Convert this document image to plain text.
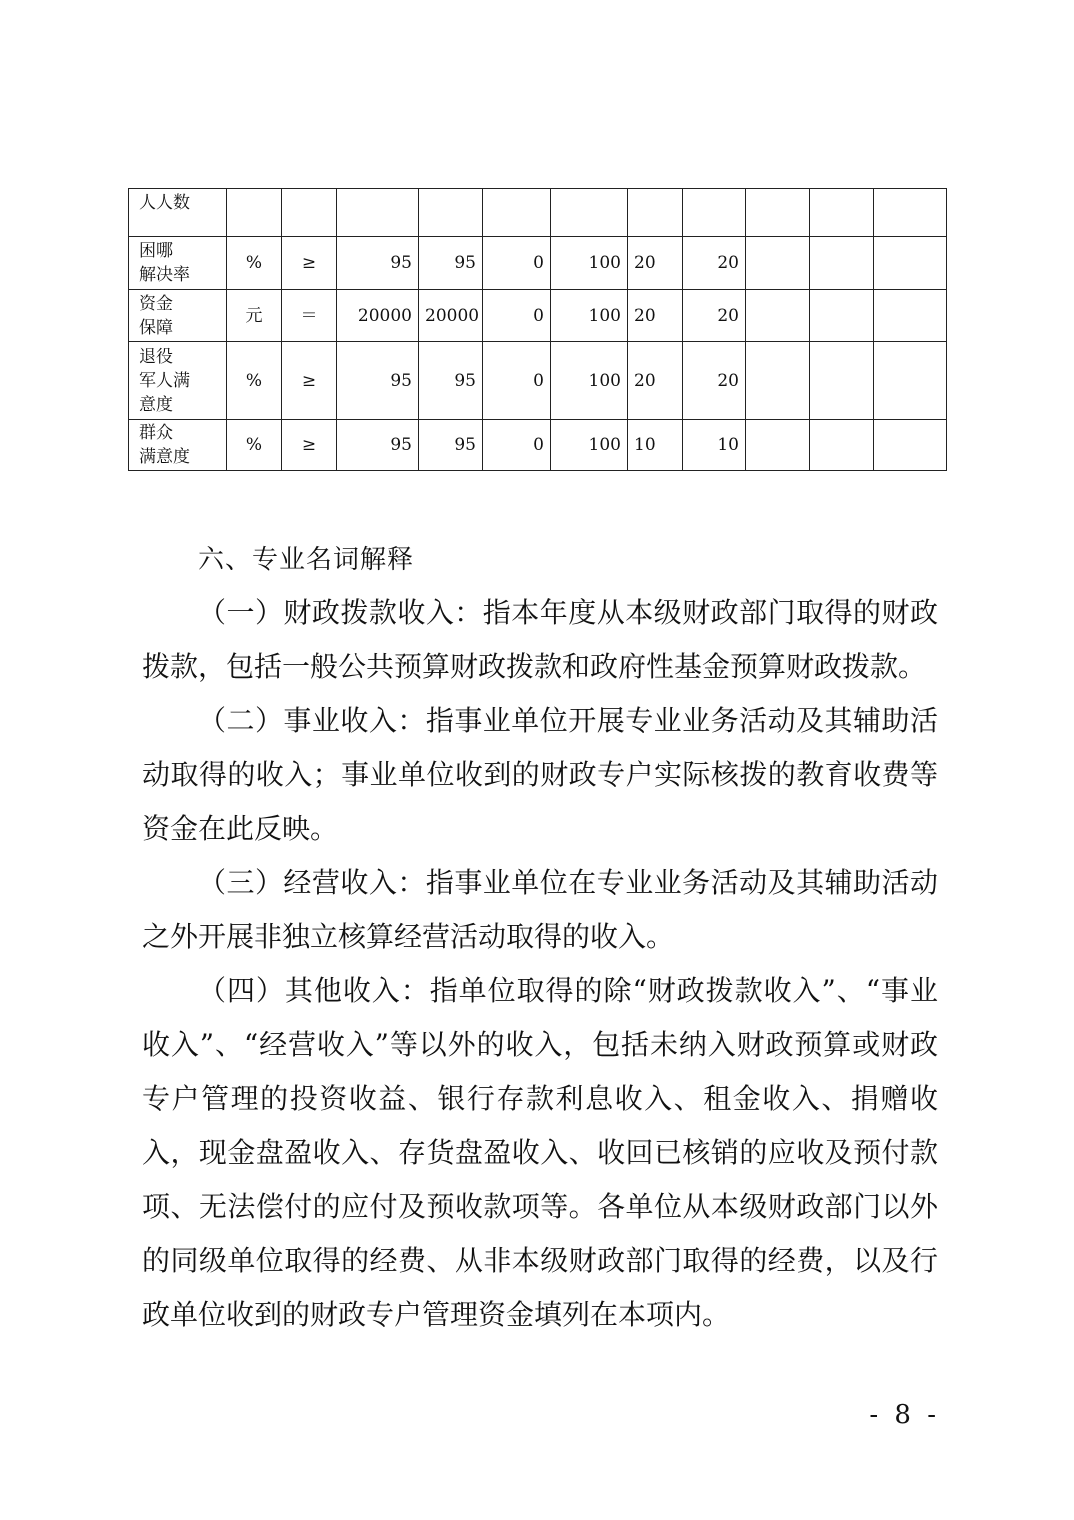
人人数											

困哪
解决率	%	≥	95	95	0	100	20	20			

资金
保障	元	＝	20000	20000	0	100	20	20			

退役
军人满
意度	%	≥	95	95	0	100	20	20			

群众
满意度	%	≥	95	95	0	100	10	10			
六、专业名词解释

（一）财政拨款收入：指本年度从本级财政部门取得的财政拨款，包括一般公共预算财政拨款和政府性基金预算财政拨款。

（二）事业收入：指事业单位开展专业业务活动及其辅助活动取得的收入；事业单位收到的财政专户实际核拨的教育收费等资金在此反映。

（三）经营收入：指事业单位在专业业务活动及其辅助活动之外开展非独立核算经营活动取得的收入。

（四）其他收入：指单位取得的除“财政拨款收入”、“事业收入”、“经营收入”等以外的收入，包括未纳入财政预算或财政专户管理的投资收益、银行存款利息收入、租金收入、捐赠收入，现金盘盈收入、存货盘盈收入、收回已核销的应收及预付款项、无法偿付的应付及预收款项等。各单位从本级财政部门以外的同级单位取得的经费、从非本级财政部门取得的经费，以及行政单位收到的财政专户管理资金填列在本项内。

- 8 -
